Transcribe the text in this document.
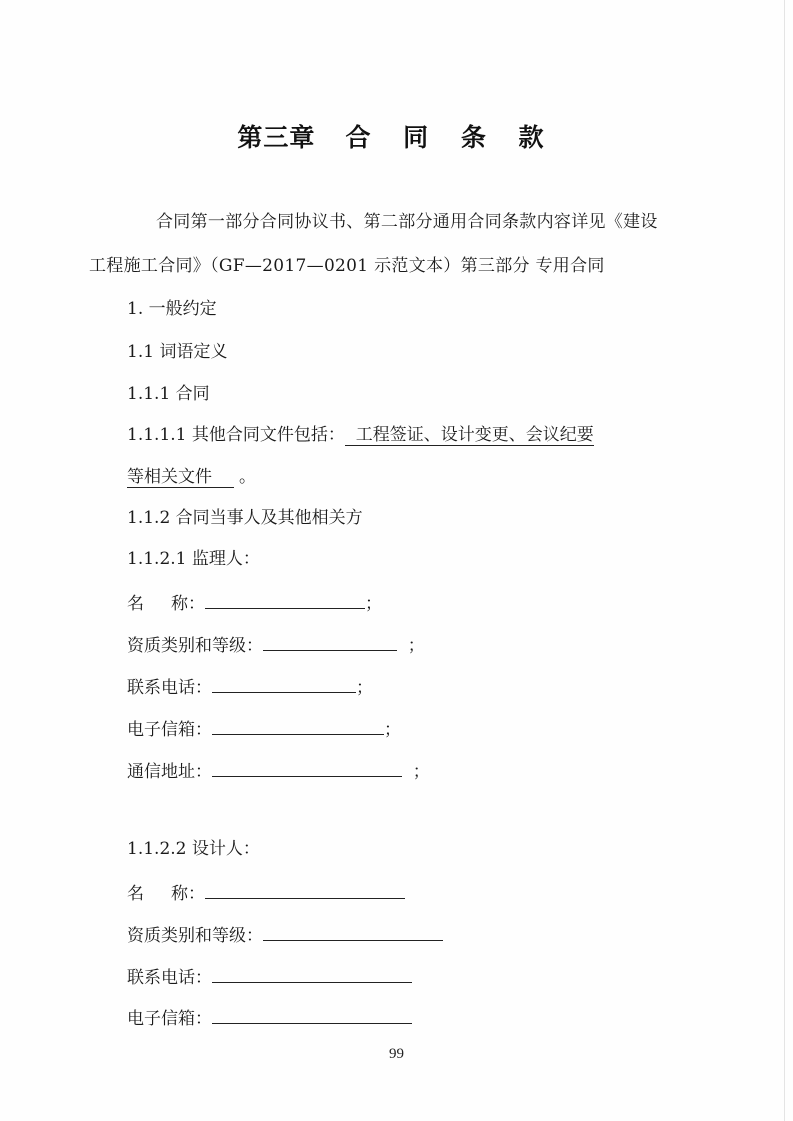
第三章 合 同 条 款
合同第一部分合同协议书、第二部分通用合同条款内容详见《建设
工程施工合同》（GF—2017—0201 示范文本）第三部分 专用合同
1. 一般约定
1.1 词语定义
1.1.1 合同
1.1.1.1 其他合同文件包括：  工程签证、设计变更、会议纪要
等相关文件     。
1.1.2 合同当事人及其他相关方
1.1.2.1 监理人：
名     称：	；
资质类别和等级：	；
联系电话：	；
电子信箱：	；
通信地址：	；
1.1.2.2 设计人：
名     称：
资质类别和等级：
联系电话：
电子信箱：
99
